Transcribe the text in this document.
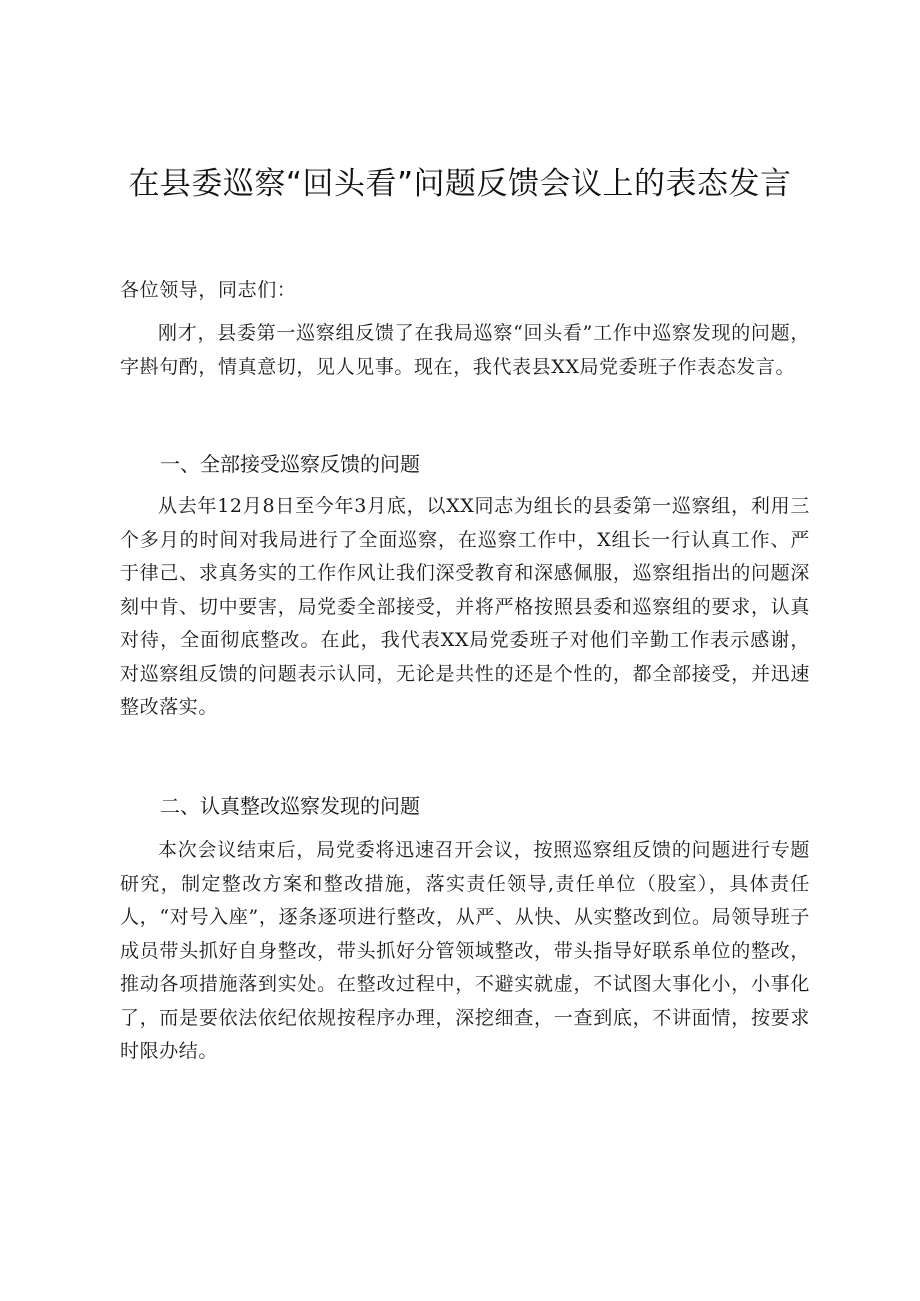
在县委巡察“回头看”问题反馈会议上的表态发言

各位领导，同志们：

刚才，县委第一巡察组反馈了在我局巡察“回头看”工作中巡察发现的问题，字斟句酌，情真意切，见人见事。现在，我代表县XX局党委班子作表态发言。

一、全部接受巡察反馈的问题

从去年12月8日至今年3月底，以XX同志为组长的县委第一巡察组，利用三个多月的时间对我局进行了全面巡察，在巡察工作中，X组长一行认真工作、严于律己、求真务实的工作作风让我们深受教育和深感佩服，巡察组指出的问题深刻中肯、切中要害，局党委全部接受，并将严格按照县委和巡察组的要求，认真对待，全面彻底整改。在此，我代表XX局党委班子对他们辛勤工作表示感谢，对巡察组反馈的问题表示认同，无论是共性的还是个性的，都全部接受，并迅速整改落实。

二、认真整改巡察发现的问题

本次会议结束后，局党委将迅速召开会议，按照巡察组反馈的问题进行专题研究，制定整改方案和整改措施，落实责任领导,责任单位（股室），具体责任人，“对号入座”，逐条逐项进行整改，从严、从快、从实整改到位。局领导班子成员带头抓好自身整改，带头抓好分管领域整改，带头指导好联系单位的整改，推动各项措施落到实处。在整改过程中，不避实就虚，不试图大事化小，小事化了，而是要依法依纪依规按程序办理，深挖细查，一查到底，不讲面情，按要求时限办结。
